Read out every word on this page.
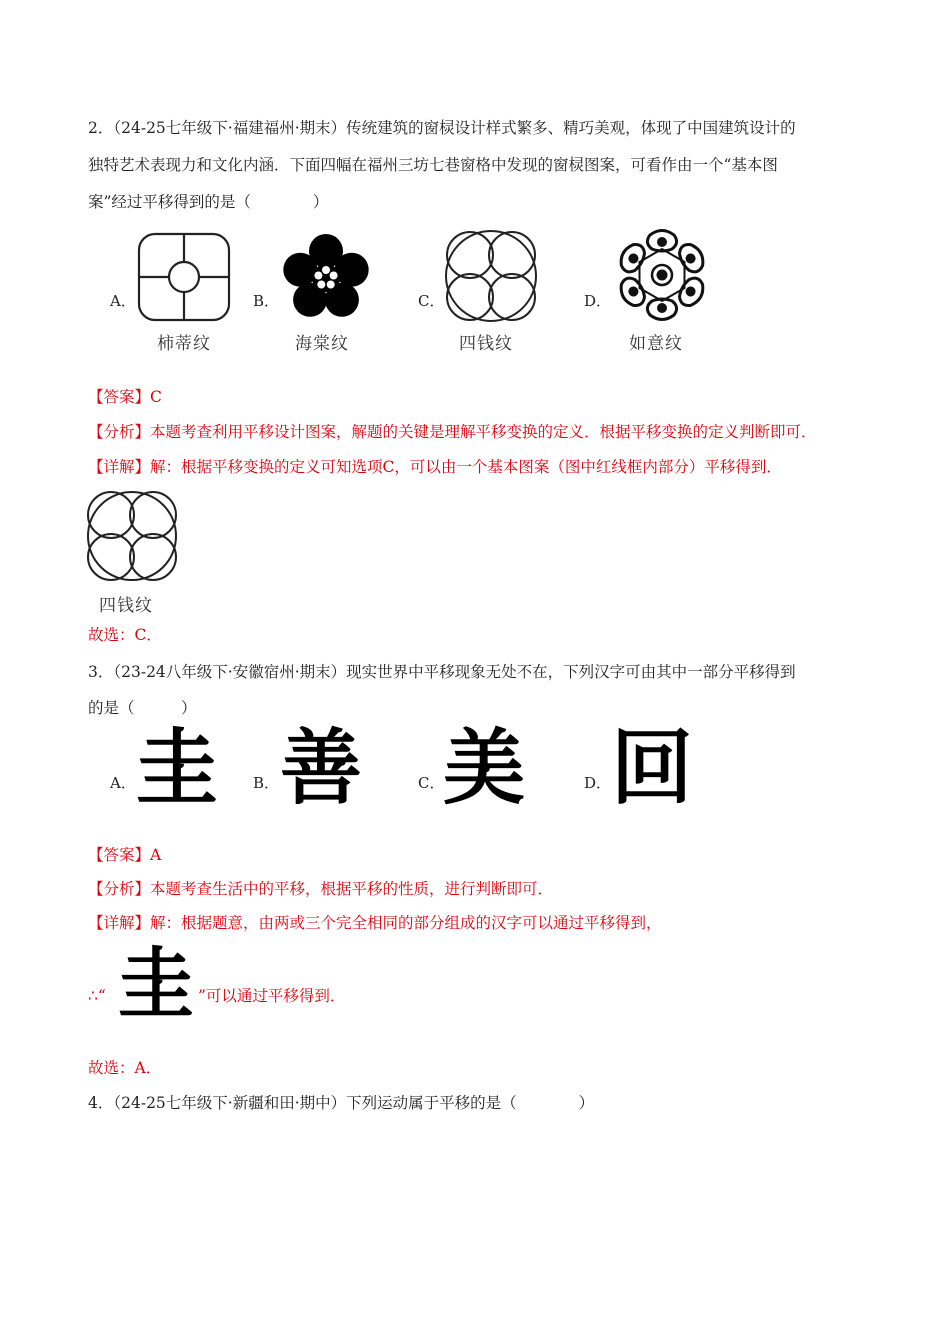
2．（24-25七年级下·福建福州·期末）传统建筑的窗棂设计样式繁多、精巧美观，体现了中国建筑设计的
独特艺术表现力和文化内涵．下面四幅在福州三坊七巷窗格中发现的窗棂图案，可看作由一个“基本图
案”经过平移得到的是（　　　　）
A．
柿蒂纹
B．
海棠纹
C．
四钱纹
D．
如意纹
【答案】C
【分析】本题考查利用平移设计图案，解题的关键是理解平移变换的定义．根据平移变换的定义判断即可．
【详解】解：根据平移变换的定义可知选项C，可以由一个基本图案（图中红线框内部分）平移得到．
四钱纹
故选：C．
3．（23-24八年级下·安徽宿州·期末）现实世界中平移现象无处不在，下列汉字可由其中一部分平移得到
的是（　　　）
A． 圭 B． 善	C．
美	D． 回
【答案】A
【分析】本题考查生活中的平移，根据平移的性质，进行判断即可．
【详解】解：根据题意，由两或三个完全相同的部分组成的汉字可以通过平移得到，
∴“ 圭 ”可以通过平移得到．
故选：A．
4．（24-25七年级下·新疆和田·期中）下列运动属于平移的是（　　　　）
